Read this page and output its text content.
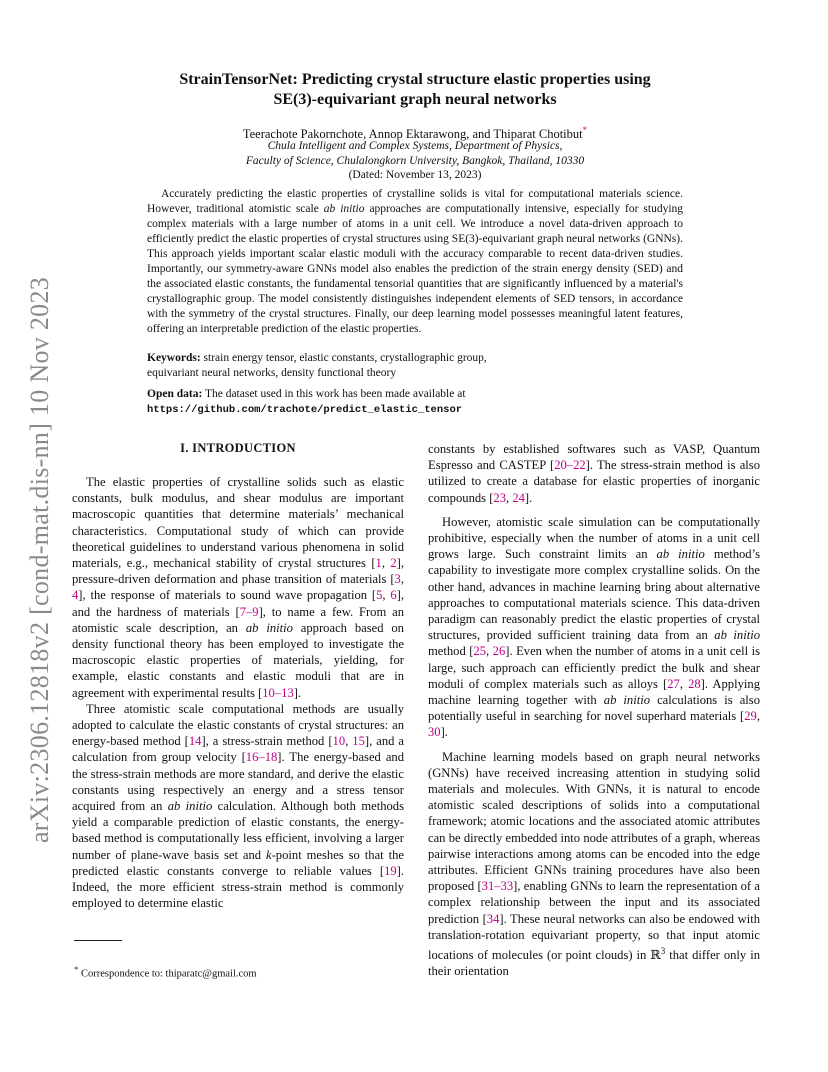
arXiv:2306.12818v2 [cond-mat.dis-nn] 10 Nov 2023
StrainTensorNet: Predicting crystal structure elastic properties using
SE(3)-equivariant graph neural networks
Teerachote Pakornchote, Annop Ektarawong, and Thiparat Chotibut*
Chula Intelligent and Complex Systems, Department of Physics,
Faculty of Science, Chulalongkorn University, Bangkok, Thailand, 10330
(Dated: November 13, 2023)

Accurately predicting the elastic properties of crystalline solids is vital for computational materials science. However, traditional atomistic scale ab initio approaches are computationally intensive, especially for studying complex materials with a large number of atoms in a unit cell. We introduce a novel data-driven approach to efficiently predict the elastic properties of crystal structures using SE(3)-equivariant graph neural networks (GNNs). This approach yields important scalar elastic moduli with the accuracy comparable to recent data-driven studies. Importantly, our symmetry-aware GNNs model also enables the prediction of the strain energy density (SED) and the associated elastic constants, the fundamental tensorial quantities that are significantly influenced by a material's crystallographic group. The model consistently distinguishes independent elements of SED tensors, in accordance with the symmetry of the crystal structures. Finally, our deep learning model possesses meaningful latent features, offering an interpretable prediction of the elastic properties.

Keywords: strain energy tensor, elastic constants, crystallographic group,
equivariant neural networks, density functional theory

Open data: The dataset used in this work has been made available at
https://github.com/trachote/predict_elastic_tensor

I. INTRODUCTION

The elastic properties of crystalline solids such as elastic constants, bulk modulus, and shear modulus are important macroscopic quantities that determine materials’ mechanical characteristics. Computational study of which can provide theoretical guidelines to understand various phenomena in solid materials, e.g., mechanical stability of crystal structures [1, 2], pressure-driven deformation and phase transition of materials [3, 4], the response of materials to sound wave propagation [5, 6], and the hardness of materials [7–9], to name a few. From an atomistic scale description, an ab initio approach based on density functional theory has been employed to investigate the macroscopic elastic properties of materials, yielding, for example, elastic constants and elastic moduli that are in agreement with experimental results [10–13].

Three atomistic scale computational methods are usually adopted to calculate the elastic constants of crystal structures: an energy-based method [14], a stress-strain method [10, 15], and a calculation from group velocity [16–18]. The energy-based and the stress-strain methods are more standard, and derive the elastic constants using respectively an energy and a stress tensor acquired from an ab initio calculation. Although both methods yield a comparable prediction of elastic constants, the energy-based method is computationally less efficient, involving a larger number of plane-wave basis set and k-point meshes so that the predicted elastic constants converge to reliable values [19]. Indeed, the more efficient stress-strain method is commonly employed to determine elastic

* Correspondence to: thiparatc@gmail.com

constants by established softwares such as VASP, Quantum Espresso and CASTEP [20–22]. The stress-strain method is also utilized to create a database for elastic properties of inorganic compounds [23, 24].

However, atomistic scale simulation can be computationally prohibitive, especially when the number of atoms in a unit cell grows large. Such constraint limits an ab initio method’s capability to investigate more complex crystalline solids. On the other hand, advances in machine learning bring about alternative approaches to computational materials science. This data-driven paradigm can reasonably predict the elastic properties of crystal structures, provided sufficient training data from an ab initio method [25, 26]. Even when the number of atoms in a unit cell is large, such approach can efficiently predict the bulk and shear moduli of complex materials such as alloys [27, 28]. Applying machine learning together with ab initio calculations is also potentially useful in searching for novel superhard materials [29, 30].

Machine learning models based on graph neural networks (GNNs) have received increasing attention in studying solid materials and molecules. With GNNs, it is natural to encode atomistic scaled descriptions of solids into a computational framework; atomic locations and the associated atomic attributes can be directly embedded into node attributes of a graph, whereas pairwise interactions among atoms can be encoded into the edge attributes. Efficient GNNs training procedures have also been proposed [31–33], enabling GNNs to learn the representation of a complex relationship between the input and its associated prediction [34]. These neural networks can also be endowed with translation-rotation equivariant property, so that input atomic locations of molecules (or point clouds) in ℝ$^3$ that differ only in their orientation
